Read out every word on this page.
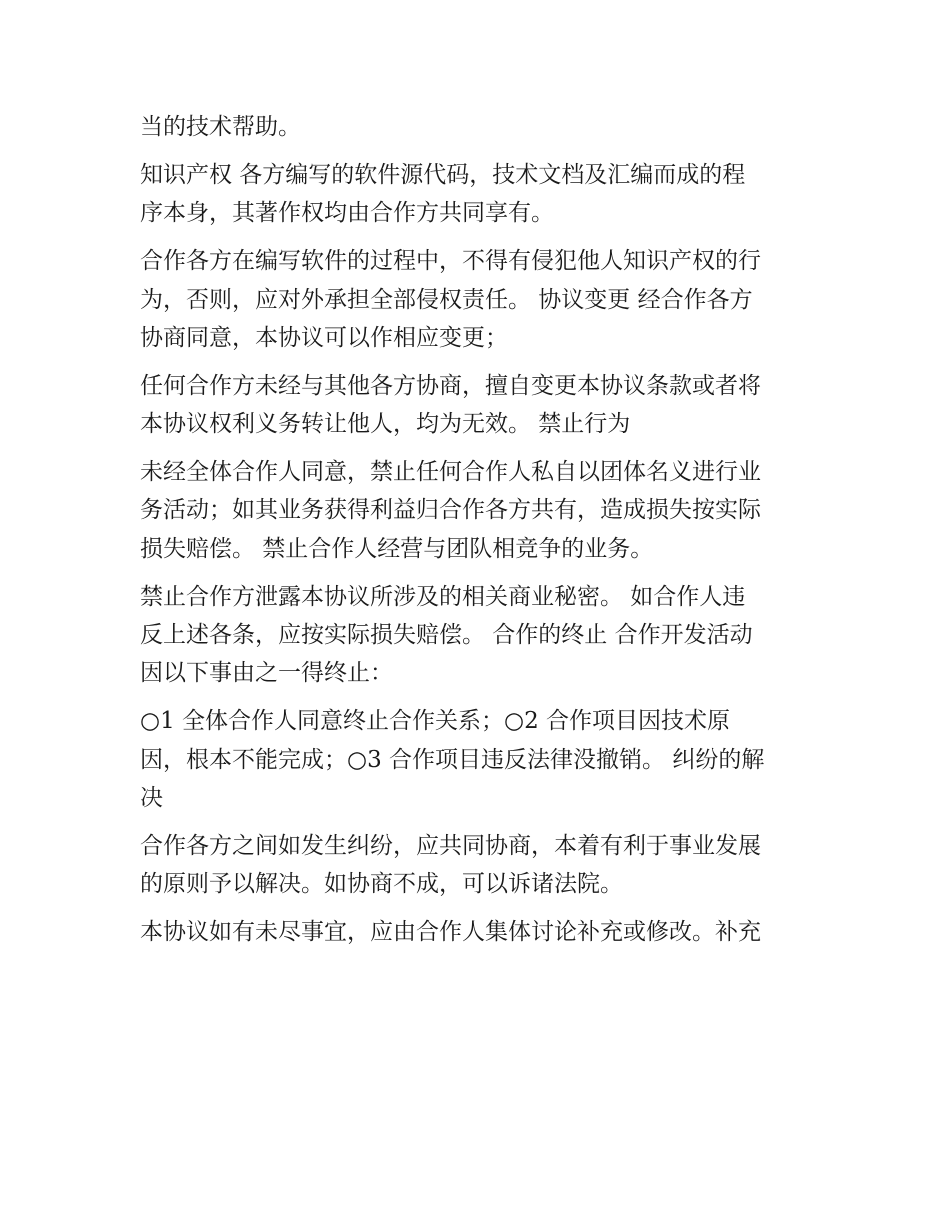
当的技术帮助。
知识产权 各方编写的软件源代码，技术文档及汇编而成的程
序本身，其著作权均由合作方共同享有。
合作各方在编写软件的过程中，不得有侵犯他人知识产权的行
为，否则，应对外承担全部侵权责任。 协议变更 经合作各方
协商同意，本协议可以作相应变更；
任何合作方未经与其他各方协商，擅自变更本协议条款或者将
本协议权利义务转让他人，均为无效。 禁止行为
未经全体合作人同意，禁止任何合作人私自以团体名义进行业
务活动；如其业务获得利益归合作各方共有，造成损失按实际
损失赔偿。 禁止合作人经营与团队相竞争的业务。
禁止合作方泄露本协议所涉及的相关商业秘密。 如合作人违
反上述各条，应按实际损失赔偿。 合作的终止 合作开发活动
因以下事由之一得终止：
○1 全体合作人同意终止合作关系；○2 合作项目因技术原
因，根本不能完成；○3 合作项目违反法律没撤销。 纠纷的解
决
合作各方之间如发生纠纷，应共同协商，本着有利于事业发展
的原则予以解决。如协商不成，可以诉诸法院。
本协议如有未尽事宜，应由合作人集体讨论补充或修改。补充
